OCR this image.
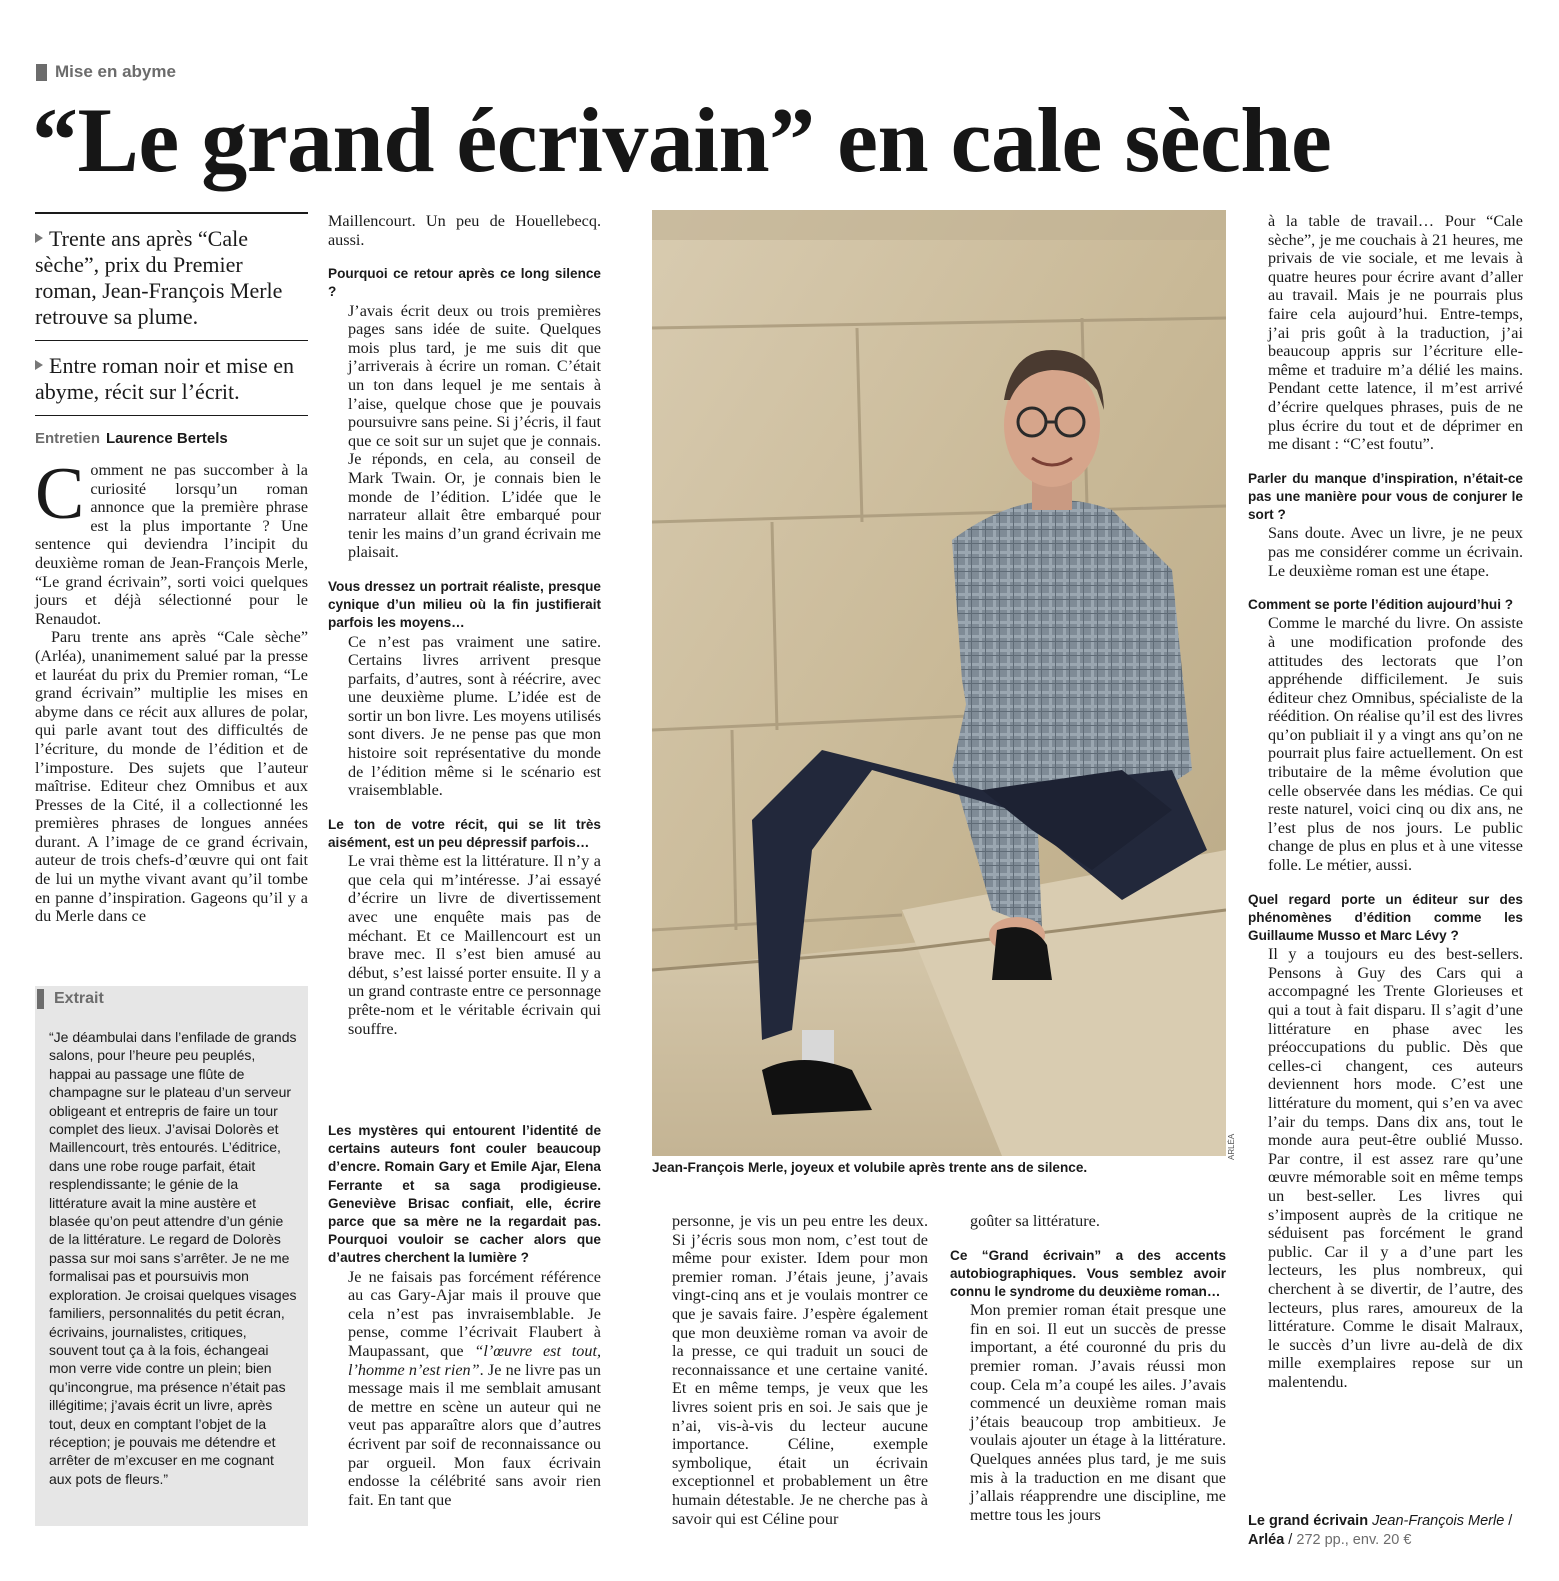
Mise en abyme
“Le grand écrivain” en cale sèche
Trente ans après “Cale sèche”, prix du Premier roman, Jean-François Merle retrouve sa plume.
Entre roman noir et mise en abyme, récit sur l’écrit.
Entretien Laurence Bertels

Comment ne pas succomber à la curiosité lorsqu’un roman annonce que la première phrase est la plus importante ? Une sentence qui deviendra l’incipit du deuxième roman de Jean-François Merle, “Le grand écrivain”, sorti voici quelques jours et déjà sélectionné pour le Renaudot.

Paru trente ans après “Cale sèche” (Arléa), unanimement salué par la presse et lauréat du prix du Premier roman, “Le grand écrivain” multiplie les mises en abyme dans ce récit aux allures de polar, qui parle avant tout des difficultés de l’écriture, du monde de l’édition et de l’imposture. Des sujets que l’auteur maîtrise. Editeur chez Omnibus et aux Presses de la Cité, il a collectionné les premières phrases de longues années durant. A l’image de ce grand écrivain, auteur de trois chefs-d’œuvre qui ont fait de lui un mythe vivant avant qu’il tombe en panne d’inspiration. Gageons qu’il y a du Merle dans ce

Extrait

“Je déambulai dans l’enfilade de grands salons, pour l’heure peu peuplés, happai au passage une flûte de champagne sur le plateau d’un serveur obligeant et entrepris de faire un tour complet des lieux. J’avisai Dolorès et Maillencourt, très entourés. L’éditrice, dans une robe rouge parfait, était resplendissante; le génie de la littérature avait la mine austère et blasée qu’on peut attendre d’un génie de la littérature. Le regard de Dolorès passa sur moi sans s’arrêter. Je ne me formalisai pas et poursuivis mon exploration. Je croisai quelques visages familiers, personnalités du petit écran, écrivains, journalistes, critiques, souvent tout ça à la fois, échangeai mon verre vide contre un plein; bien qu’incongrue, ma présence n’était pas illégitime; j’avais écrit un livre, après tout, deux en comptant l’objet de la réception; je pouvais me détendre et arrêter de m’excuser en me cognant aux pots de fleurs.”

Maillencourt. Un peu de Houellebecq. aussi.

Pourquoi ce retour après ce long silence ?

J’avais écrit deux ou trois premières pages sans idée de suite. Quelques mois plus tard, je me suis dit que j’arriverais à écrire un roman. C’était un ton dans lequel je me sentais à l’aise, quelque chose que je pouvais poursuivre sans peine. Si j’écris, il faut que ce soit sur un sujet que je connais. Je réponds, en cela, au conseil de Mark Twain. Or, je connais bien le monde de l’édition. L’idée que le narrateur allait être embarqué pour tenir les mains d’un grand écrivain me plaisait.

Vous dressez un portrait réaliste, presque cynique d’un milieu où la fin justifierait parfois les moyens…

Ce n’est pas vraiment une satire. Certains livres arrivent presque parfaits, d’autres, sont à réécrire, avec une deuxième plume. L’idée est de sortir un bon livre. Les moyens utilisés sont divers. Je ne pense pas que mon histoire soit représentative du monde de l’édition même si le scénario est vraisemblable.

Le ton de votre récit, qui se lit très aisément, est un peu dépressif parfois…

Le vrai thème est la littérature. Il n’y a que cela qui m’intéresse. J’ai essayé d’écrire un livre de divertissement avec une enquête mais pas de méchant. Et ce Maillencourt est un brave mec. Il s’est bien amusé au début, s’est laissé porter ensuite. Il y a un grand contraste entre ce personnage prête-nom et le véritable écrivain qui souffre.

Les mystères qui entourent l’identité de certains auteurs font couler beaucoup d’encre. Romain Gary et Emile Ajar, Elena Ferrante et sa saga prodigieuse. Geneviève Brisac confiait, elle, écrire parce que sa mère ne la regardait pas. Pourquoi vouloir se cacher alors que d’autres cherchent la lumière ?

Je ne faisais pas forcément référence au cas Gary-Ajar mais il prouve que cela n’est pas invraisemblable. Je pense, comme l’écrivait Flaubert à Maupassant, que “l’œuvre est tout, l’homme n’est rien”. Je ne livre pas un message mais il me semblait amusant de mettre en scène un auteur qui ne veut pas apparaître alors que d’autres écrivent par soif de reconnaissance ou par orgueil. Mon faux écrivain endosse la célébrité sans avoir rien fait. En tant que

ARLÉA
Jean-François Merle, joyeux et volubile après trente ans de silence.

personne, je vis un peu entre les deux. Si j’écris sous mon nom, c’est tout de même pour exister. Idem pour mon premier roman. J’étais jeune, j’avais vingt-cinq ans et je voulais montrer ce que je savais faire. J’espère également que mon deuxième roman va avoir de la presse, ce qui traduit un souci de reconnaissance et une certaine vanité. Et en même temps, je veux que les livres soient pris en soi. Je sais que je n’ai, vis-à-vis du lecteur aucune importance. Céline, exemple symbolique, était un écrivain exceptionnel et probablement un être humain détestable. Je ne cherche pas à savoir qui est Céline pour

goûter sa littérature.

Ce “Grand écrivain” a des accents autobiographiques. Vous semblez avoir connu le syndrome du deuxième roman…

Mon premier roman était presque une fin en soi. Il eut un succès de presse important, a été couronné du pris du premier roman. J’avais réussi mon coup. Cela m’a coupé les ailes. J’avais commencé un deuxième roman mais j’étais beaucoup trop ambitieux. Je voulais ajouter un étage à la littérature. Quelques années plus tard, je me suis mis à la traduction en me disant que j’allais réapprendre une discipline, me mettre tous les jours

à la table de travail… Pour “Cale sèche”, je me couchais à 21 heures, me privais de vie sociale, et me levais à quatre heures pour écrire avant d’aller au travail. Mais je ne pourrais plus faire cela aujourd’hui. Entre-temps, j’ai pris goût à la traduction, j’ai beaucoup appris sur l’écriture elle-même et traduire m’a délié les mains. Pendant cette latence, il m’est arrivé d’écrire quelques phrases, puis de ne plus écrire du tout et de déprimer en me disant : “C’est foutu”.

Parler du manque d’inspiration, n’était-ce pas une manière pour vous de conjurer le sort ?

Sans doute. Avec un livre, je ne peux pas me considérer comme un écrivain. Le deuxième roman est une étape.

Comment se porte l’édition aujourd’hui ?

Comme le marché du livre. On assiste à une modification profonde des attitudes des lectorats que l’on appréhende difficilement. Je suis éditeur chez Omnibus, spécialiste de la réédition. On réalise qu’il est des livres qu’on publiait il y a vingt ans qu’on ne pourrait plus faire actuellement. On est tributaire de la même évolution que celle observée dans les médias. Ce qui reste naturel, voici cinq ou dix ans, ne l’est plus de nos jours. Le public change de plus en plus et à une vitesse folle. Le métier, aussi.

Quel regard porte un éditeur sur des phénomènes d’édition comme les Guillaume Musso et Marc Lévy ?

Il y a toujours eu des best-sellers. Pensons à Guy des Cars qui a accompagné les Trente Glorieuses et qui a tout à fait disparu. Il s’agit d’une littérature en phase avec les préoccupations du public. Dès que celles-ci changent, ces auteurs deviennent hors mode. C’est une littérature du moment, qui s’en va avec l’air du temps. Dans dix ans, tout le monde aura peut-être oublié Musso. Par contre, il est assez rare qu’une œuvre mémorable soit en même temps un best-seller. Les livres qui s’imposent auprès de la critique ne séduisent pas forcément le grand public. Car il y a d’une part les lecteurs, les plus nombreux, qui cherchent à se divertir, de l’autre, des lecteurs, plus rares, amoureux de la littérature. Comme le disait Malraux, le succès d’un livre au-delà de dix mille exemplaires repose sur un malentendu.

Le grand écrivain Jean-François Merle / Arléa / 272 pp., env. 20 €
